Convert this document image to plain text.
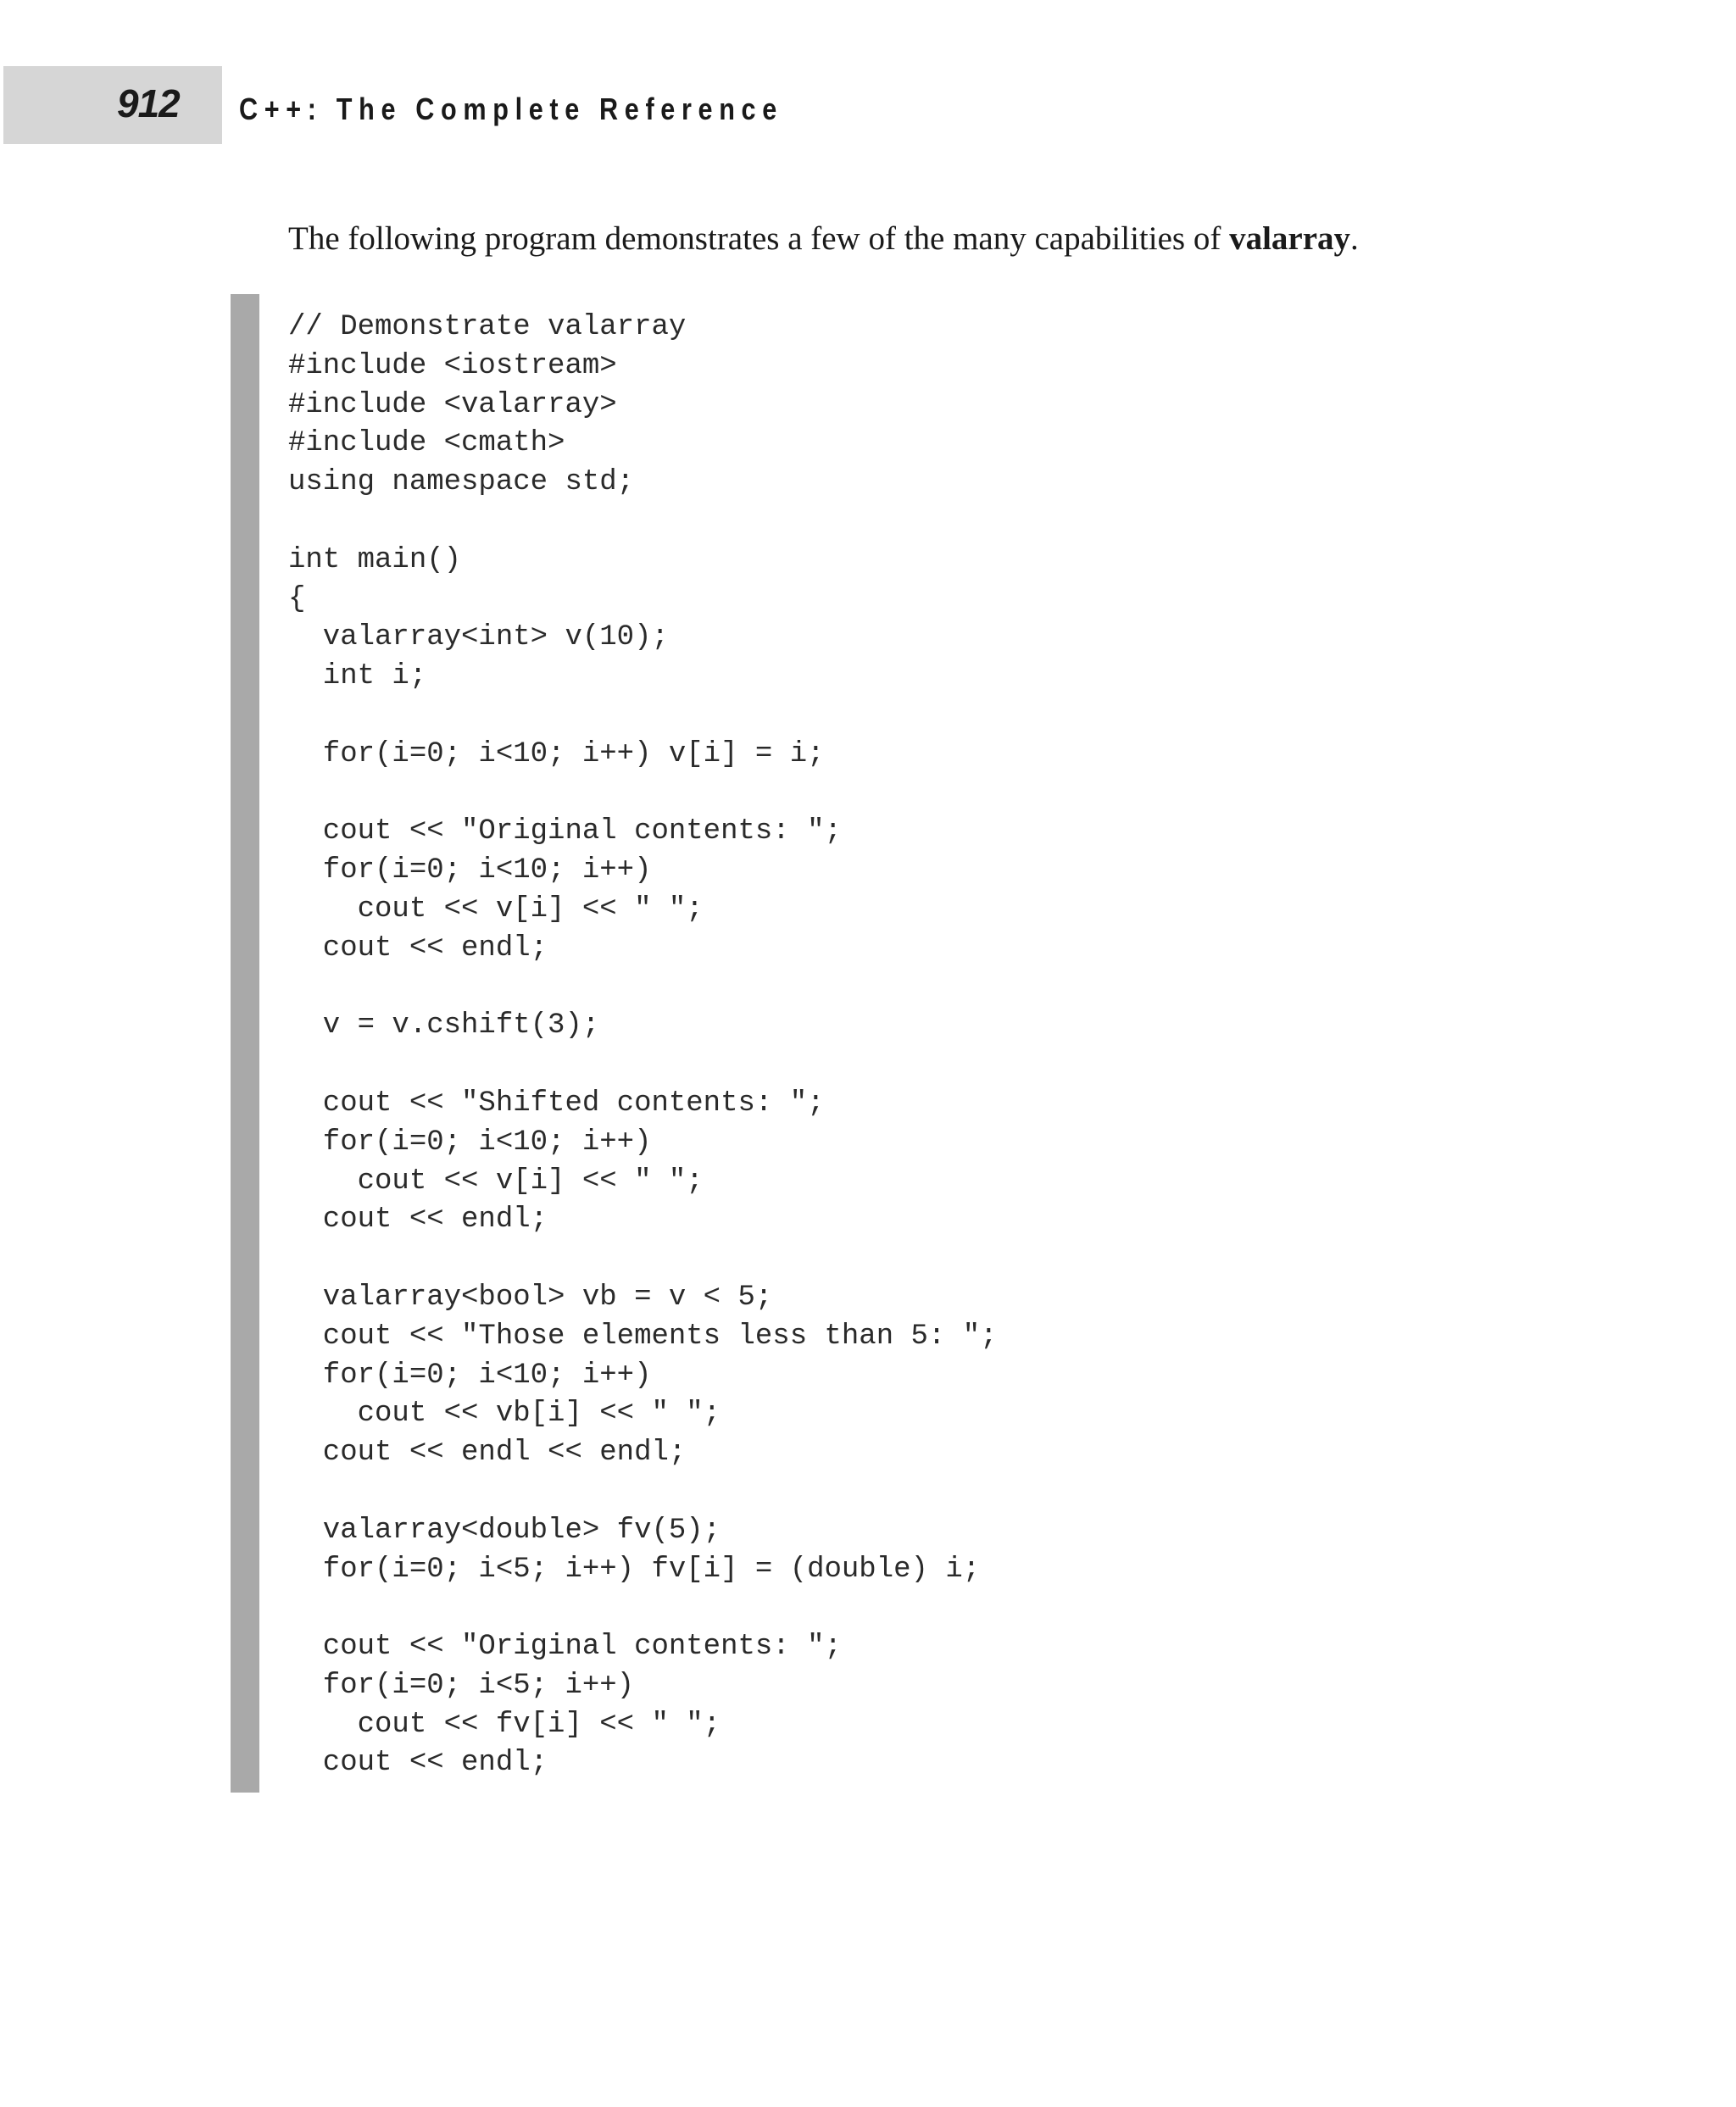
912 C++: The Complete Reference
The following program demonstrates a few of the many capabilities of valarray.
// Demonstrate valarray
#include <iostream>
#include <valarray>
#include <cmath>
using namespace std;
int main()
{
valarray<int> v(10);
int i;
for(i=0; i<10; i++) v[i] = i;
cout << "Original contents: ";
for(i=0; i<10; i++)
cout << v[i] << " ";
cout << endl;
v = v.cshift(3);
cout << "Shifted contents: ";
for(i=0; i<10; i++)
cout << v[i] << " ";
cout << endl;
valarray<bool> vb = v < 5;
cout << "Those elements less than 5: ";
for(i=0; i<10; i++)
cout << vb[i] << " ";
cout << endl << endl;
valarray<double> fv(5);
for(i=0; i<5; i++) fv[i] = (double) i;
cout << "Original contents: ";
for(i=0; i<5; i++)
cout << fv[i] << " ";
cout << endl;
